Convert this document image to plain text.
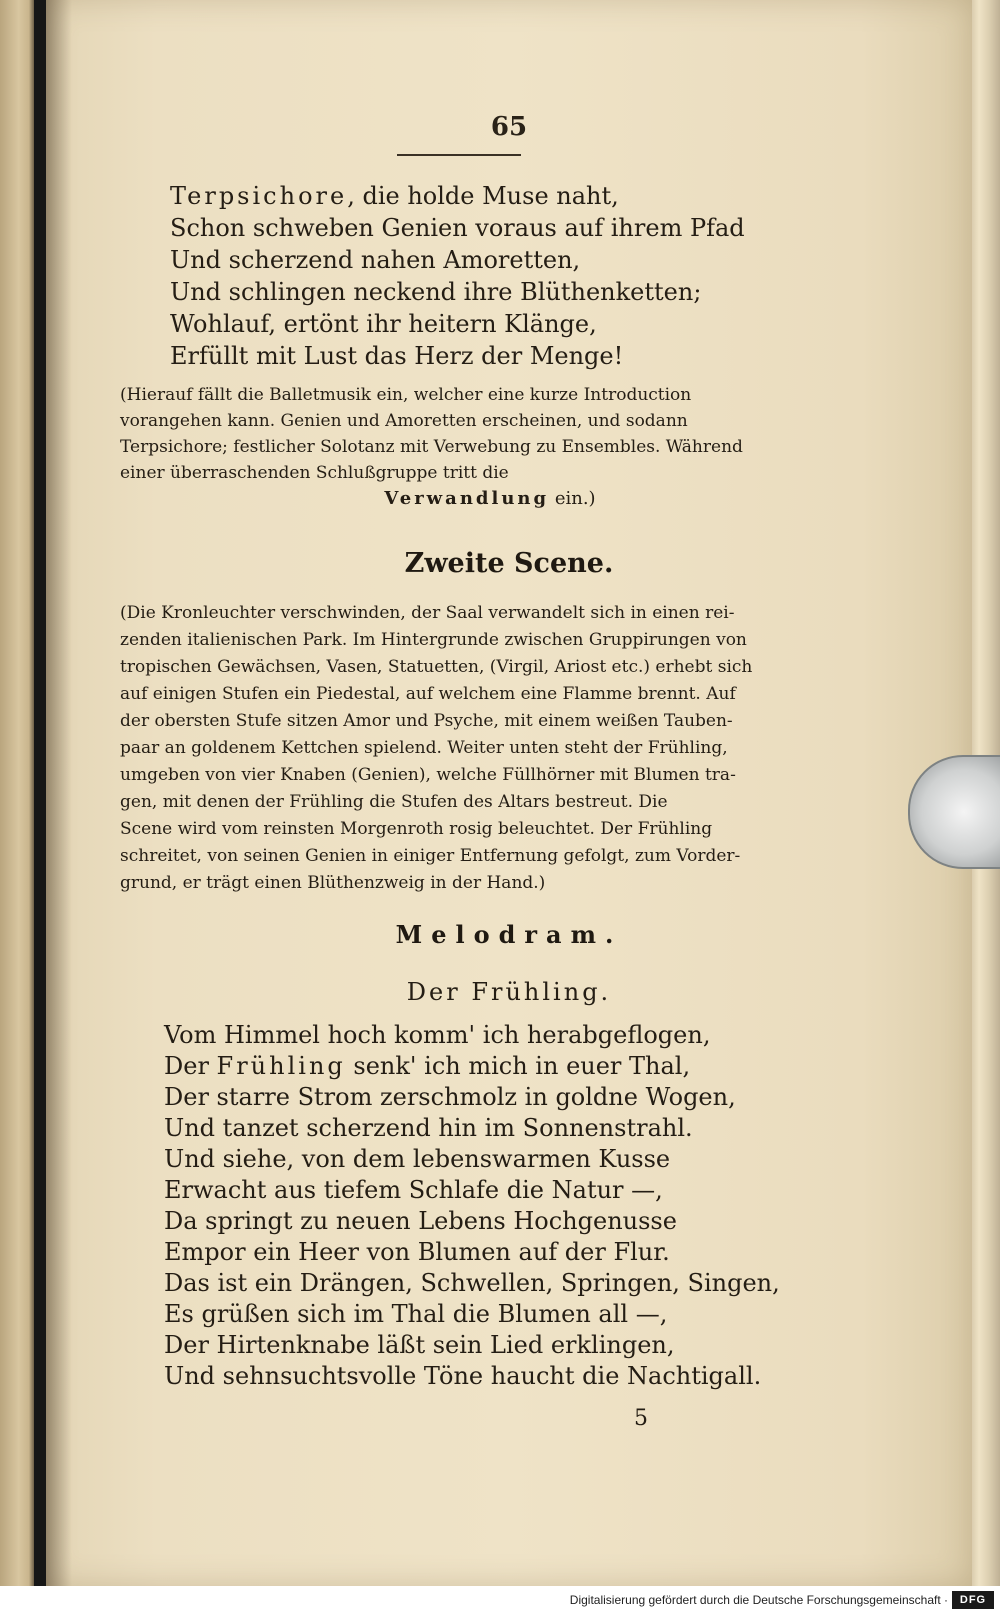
65
Terpsichore, die holde Muse naht,
Schon schweben Genien voraus auf ihrem Pfad
Und scherzend nahen Amoretten,
Und schlingen neckend ihre Blüthenketten;
Wohlauf, ertönt ihr heitern Klänge,
Erfüllt mit Lust das Herz der Menge!
(Hierauf fällt die Balletmusik ein, welcher eine kurze Introduction
vorangehen kann. Genien und Amoretten erscheinen, und sodann
Terpsichore; festlicher Solotanz mit Verwebung zu Ensembles. Während
einer überraschenden Schlußgruppe tritt die
Verwandlung ein.)
Zweite Scene.
(Die Kronleuchter verschwinden, der Saal verwandelt sich in einen rei-
zenden italienischen Park. Im Hintergrunde zwischen Gruppirungen von
tropischen Gewächsen, Vasen, Statuetten, (Virgil, Ariost etc.) erhebt sich
auf einigen Stufen ein Piedestal, auf welchem eine Flamme brennt. Auf
der obersten Stufe sitzen Amor und Psyche, mit einem weißen Tauben-
paar an goldenem Kettchen spielend. Weiter unten steht der Frühling,
umgeben von vier Knaben (Genien), welche Füllhörner mit Blumen tra-
gen, mit denen der Frühling die Stufen des Altars bestreut. Die
Scene wird vom reinsten Morgenroth rosig beleuchtet. Der Frühling
schreitet, von seinen Genien in einiger Entfernung gefolgt, zum Vorder-
grund, er trägt einen Blüthenzweig in der Hand.)
Melodram.
Der Frühling.
Vom Himmel hoch komm' ich herabgeflogen,
Der Frühling senk' ich mich in euer Thal,
Der starre Strom zerschmolz in goldne Wogen,
Und tanzet scherzend hin im Sonnenstrahl.
Und siehe, von dem lebenswarmen Kusse
Erwacht aus tiefem Schlafe die Natur —,
Da springt zu neuen Lebens Hochgenusse
Empor ein Heer von Blumen auf der Flur.
Das ist ein Drängen, Schwellen, Springen, Singen,
Es grüßen sich im Thal die Blumen all —,
Der Hirtenknabe läßt sein Lied erklingen,
Und sehnsuchtsvolle Töne haucht die Nachtigall.
5
Digitalisierung gefördert durch die Deutsche Forschungsgemeinschaft ·	DFG
